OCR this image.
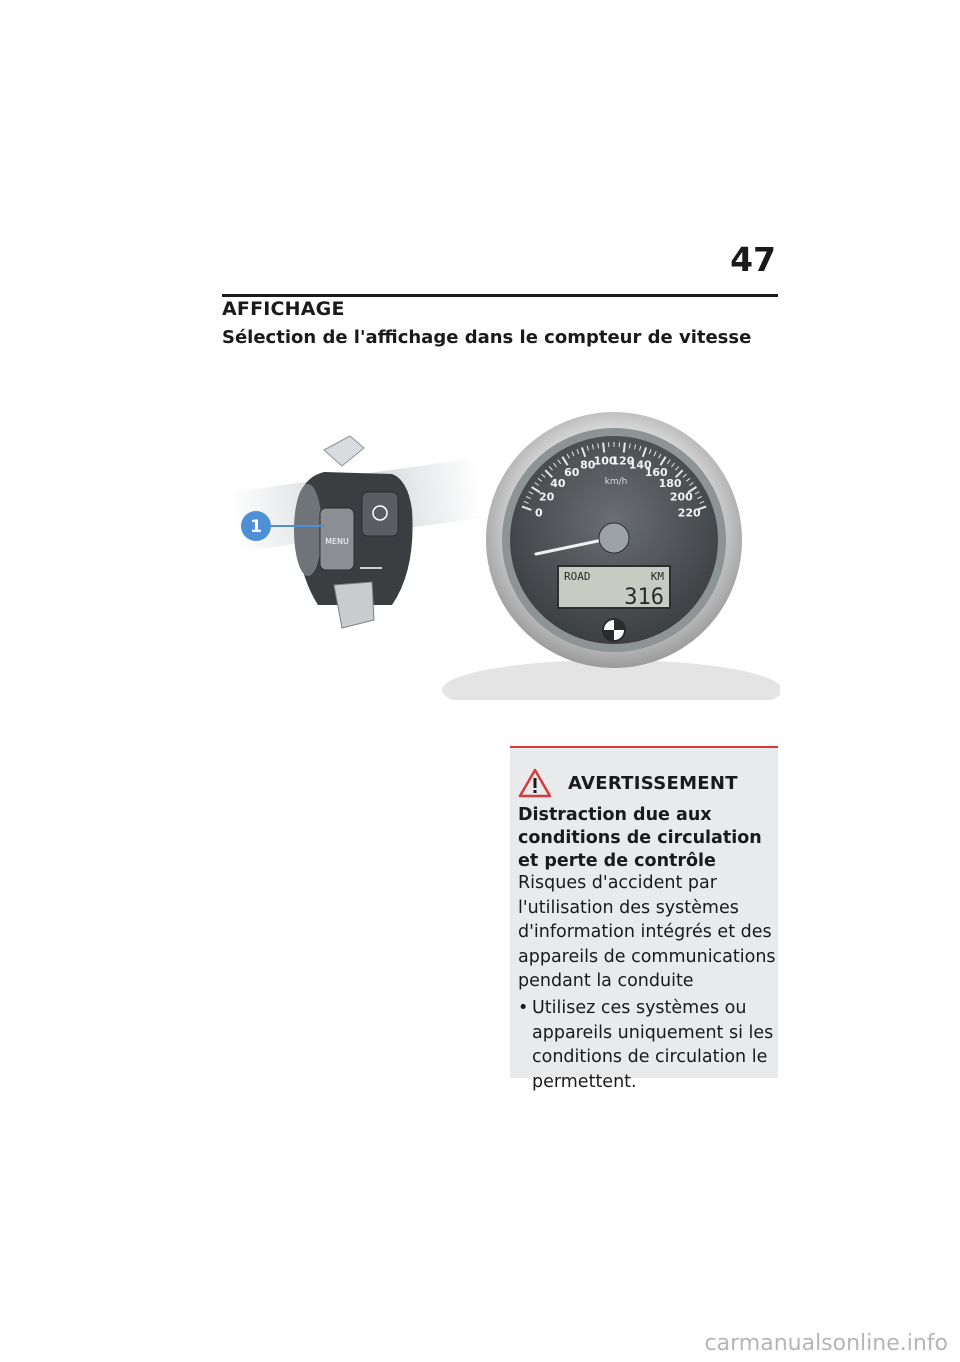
47
AFFICHAGE
Sélection de l'affichage dans le compteur de vitesse
MENU
1
0
20
40
60
80
100
120
140
160
180
200
220
km/h
ROAD	KM
316
AVERTISSEMENT
Distraction due aux conditions de circulation et perte de contrôle
Risques d'accident par l'utilisation des systèmes d'information intégrés et des appareils de communications pendant la conduite
• Utilisez ces systèmes ou appareils uniquement si les conditions de circulation le permettent.
carmanualsonline.info
